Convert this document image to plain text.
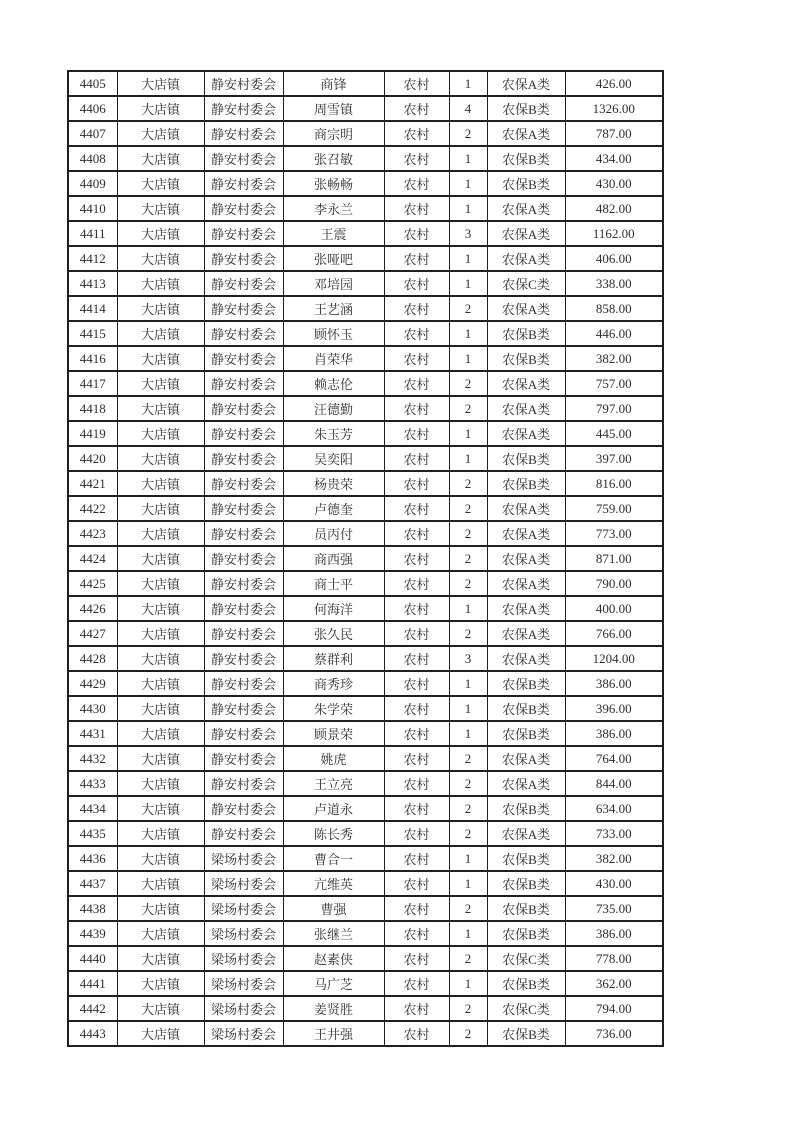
4405	大店镇	静安村委会	商锋	农村	1	农保A类	426.00
4406	大店镇	静安村委会	周雪镇	农村	4	农保B类	1326.00
4407	大店镇	静安村委会	商宗明	农村	2	农保A类	787.00
4408	大店镇	静安村委会	张召敏	农村	1	农保B类	434.00
4409	大店镇	静安村委会	张畅畅	农村	1	农保B类	430.00
4410	大店镇	静安村委会	李永兰	农村	1	农保A类	482.00
4411	大店镇	静安村委会	王震	农村	3	农保A类	1162.00
4412	大店镇	静安村委会	张哑吧	农村	1	农保A类	406.00
4413	大店镇	静安村委会	邓培园	农村	1	农保C类	338.00
4414	大店镇	静安村委会	王艺涵	农村	2	农保A类	858.00
4415	大店镇	静安村委会	顾怀玉	农村	1	农保B类	446.00
4416	大店镇	静安村委会	肖荣华	农村	1	农保B类	382.00
4417	大店镇	静安村委会	赖志伦	农村	2	农保A类	757.00
4418	大店镇	静安村委会	汪德勤	农村	2	农保A类	797.00
4419	大店镇	静安村委会	朱玉芳	农村	1	农保A类	445.00
4420	大店镇	静安村委会	吴奕阳	农村	1	农保B类	397.00
4421	大店镇	静安村委会	杨贵荣	农村	2	农保B类	816.00
4422	大店镇	静安村委会	卢德奎	农村	2	农保A类	759.00
4423	大店镇	静安村委会	员丙付	农村	2	农保A类	773.00
4424	大店镇	静安村委会	商西强	农村	2	农保A类	871.00
4425	大店镇	静安村委会	商士平	农村	2	农保A类	790.00
4426	大店镇	静安村委会	何海洋	农村	1	农保A类	400.00
4427	大店镇	静安村委会	张久民	农村	2	农保A类	766.00
4428	大店镇	静安村委会	蔡群利	农村	3	农保A类	1204.00
4429	大店镇	静安村委会	商秀珍	农村	1	农保B类	386.00
4430	大店镇	静安村委会	朱学荣	农村	1	农保B类	396.00
4431	大店镇	静安村委会	顾景荣	农村	1	农保B类	386.00
4432	大店镇	静安村委会	姚虎	农村	2	农保A类	764.00
4433	大店镇	静安村委会	王立亮	农村	2	农保A类	844.00
4434	大店镇	静安村委会	卢道永	农村	2	农保B类	634.00
4435	大店镇	静安村委会	陈长秀	农村	2	农保A类	733.00
4436	大店镇	梁场村委会	曹合一	农村	1	农保B类	382.00
4437	大店镇	梁场村委会	亢维英	农村	1	农保B类	430.00
4438	大店镇	梁场村委会	曹强	农村	2	农保B类	735.00
4439	大店镇	梁场村委会	张继兰	农村	1	农保B类	386.00
4440	大店镇	梁场村委会	赵素侠	农村	2	农保C类	778.00
4441	大店镇	梁场村委会	马广芝	农村	1	农保B类	362.00
4442	大店镇	梁场村委会	姜贤胜	农村	2	农保C类	794.00
4443	大店镇	梁场村委会	王井强	农村	2	农保B类	736.00
